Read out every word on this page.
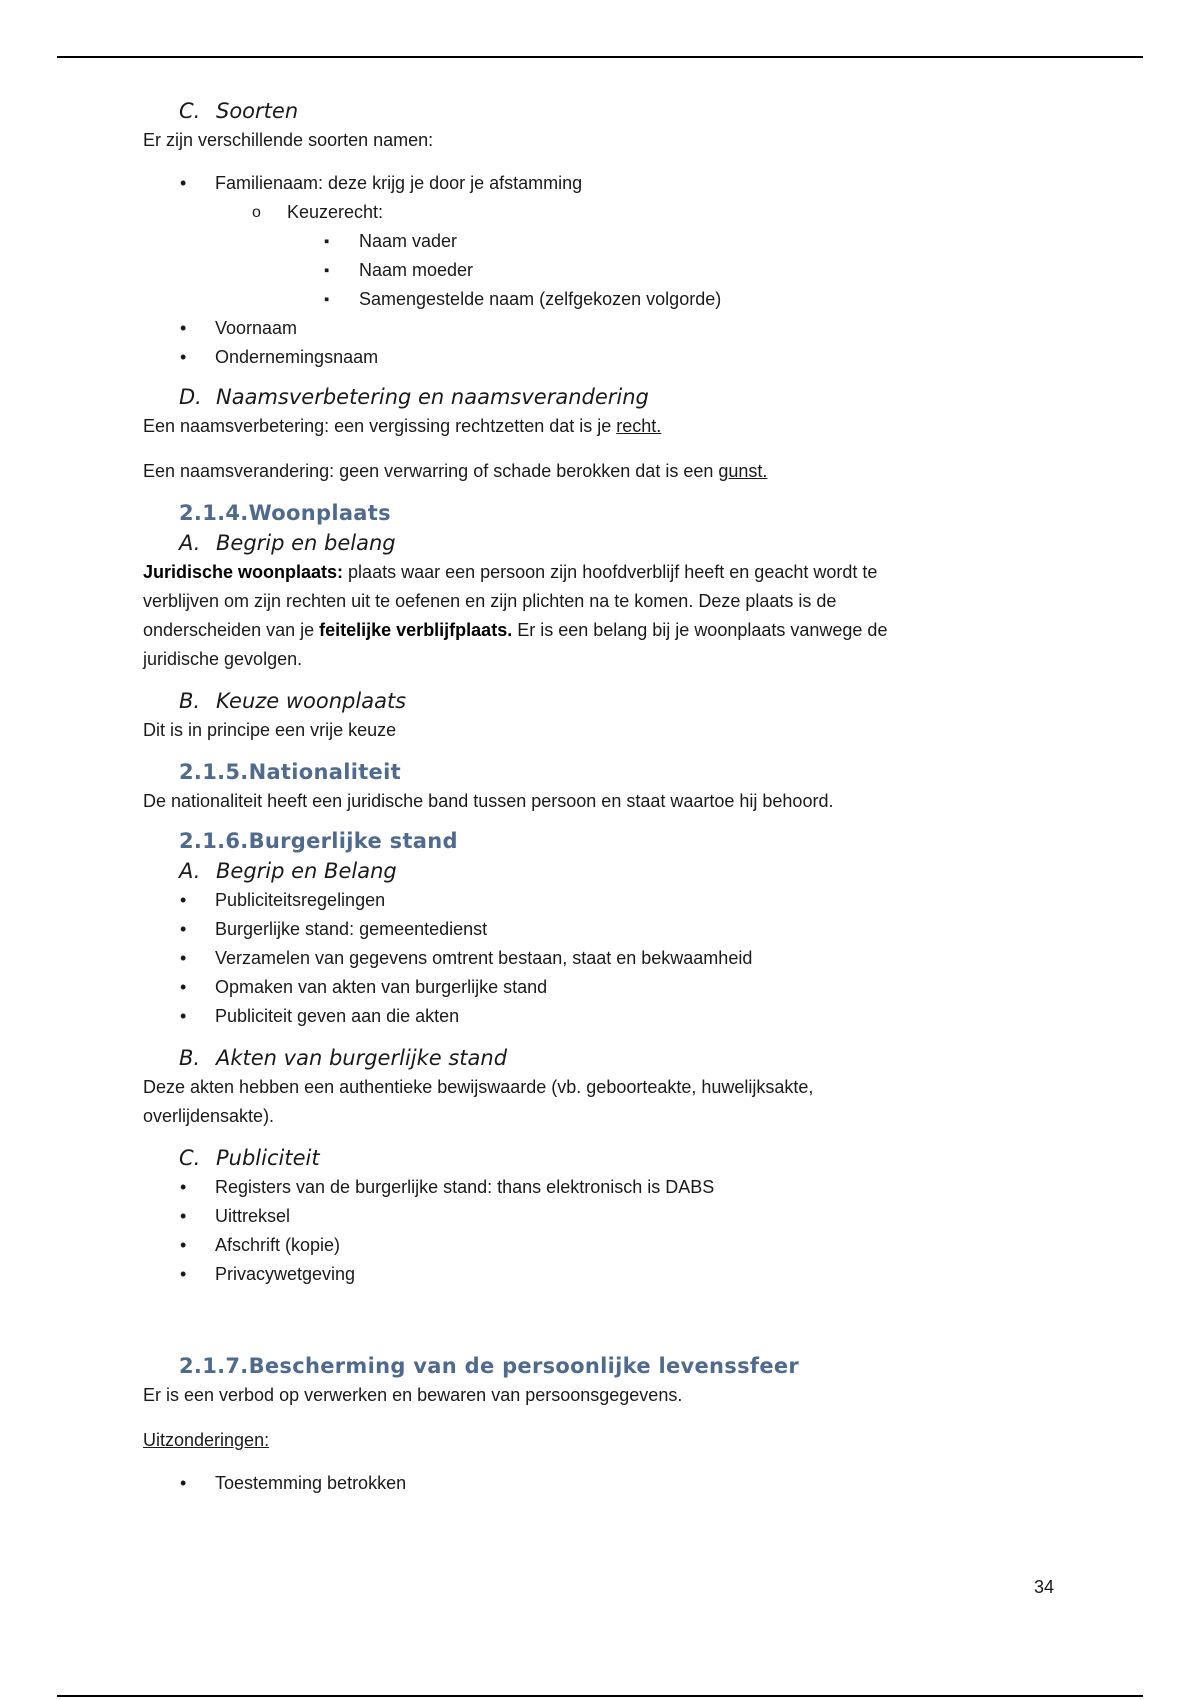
C. Soorten

Er zijn verschillende soorten namen:

• Familienaam: deze krijg je door je afstamming
o Keuzerecht:
▪ Naam vader
▪ Naam moeder
▪ Samengestelde naam (zelfgekozen volgorde)
• Voornaam
• Ondernemingsnaam
D. Naamsverbetering en naamsverandering

Een naamsverbetering: een vergissing rechtzetten dat is je recht.

Een naamsverandering: geen verwarring of schade berokken dat is een gunst.

2.1.4.Woonplaats
A. Begrip en belang

Juridische woonplaats: plaats waar een persoon zijn hoofdverblijf heeft en geacht wordt te
verblijven om zijn rechten uit te oefenen en zijn plichten na te komen. Deze plaats is de
onderscheiden van je feitelijke verblijfplaats. Er is een belang bij je woonplaats vanwege de
juridische gevolgen.

B. Keuze woonplaats

Dit is in principe een vrije keuze

2.1.5.Nationaliteit

De nationaliteit heeft een juridische band tussen persoon en staat waartoe hij behoord.

2.1.6.Burgerlijke stand
A. Begrip en Belang
• Publiciteitsregelingen
• Burgerlijke stand: gemeentedienst
• Verzamelen van gegevens omtrent bestaan, staat en bekwaamheid
• Opmaken van akten van burgerlijke stand
• Publiciteit geven aan die akten
B. Akten van burgerlijke stand

Deze akten hebben een authentieke bewijswaarde (vb. geboorteakte, huwelijksakte,
overlijdensakte).

C. Publiciteit
• Registers van de burgerlijke stand: thans elektronisch is DABS
• Uittreksel
• Afschrift (kopie)
• Privacywetgeving
2.1.7.Bescherming van de persoonlijke levenssfeer

Er is een verbod op verwerken en bewaren van persoonsgegevens.

Uitzonderingen:

• Toestemming betrokken
34
